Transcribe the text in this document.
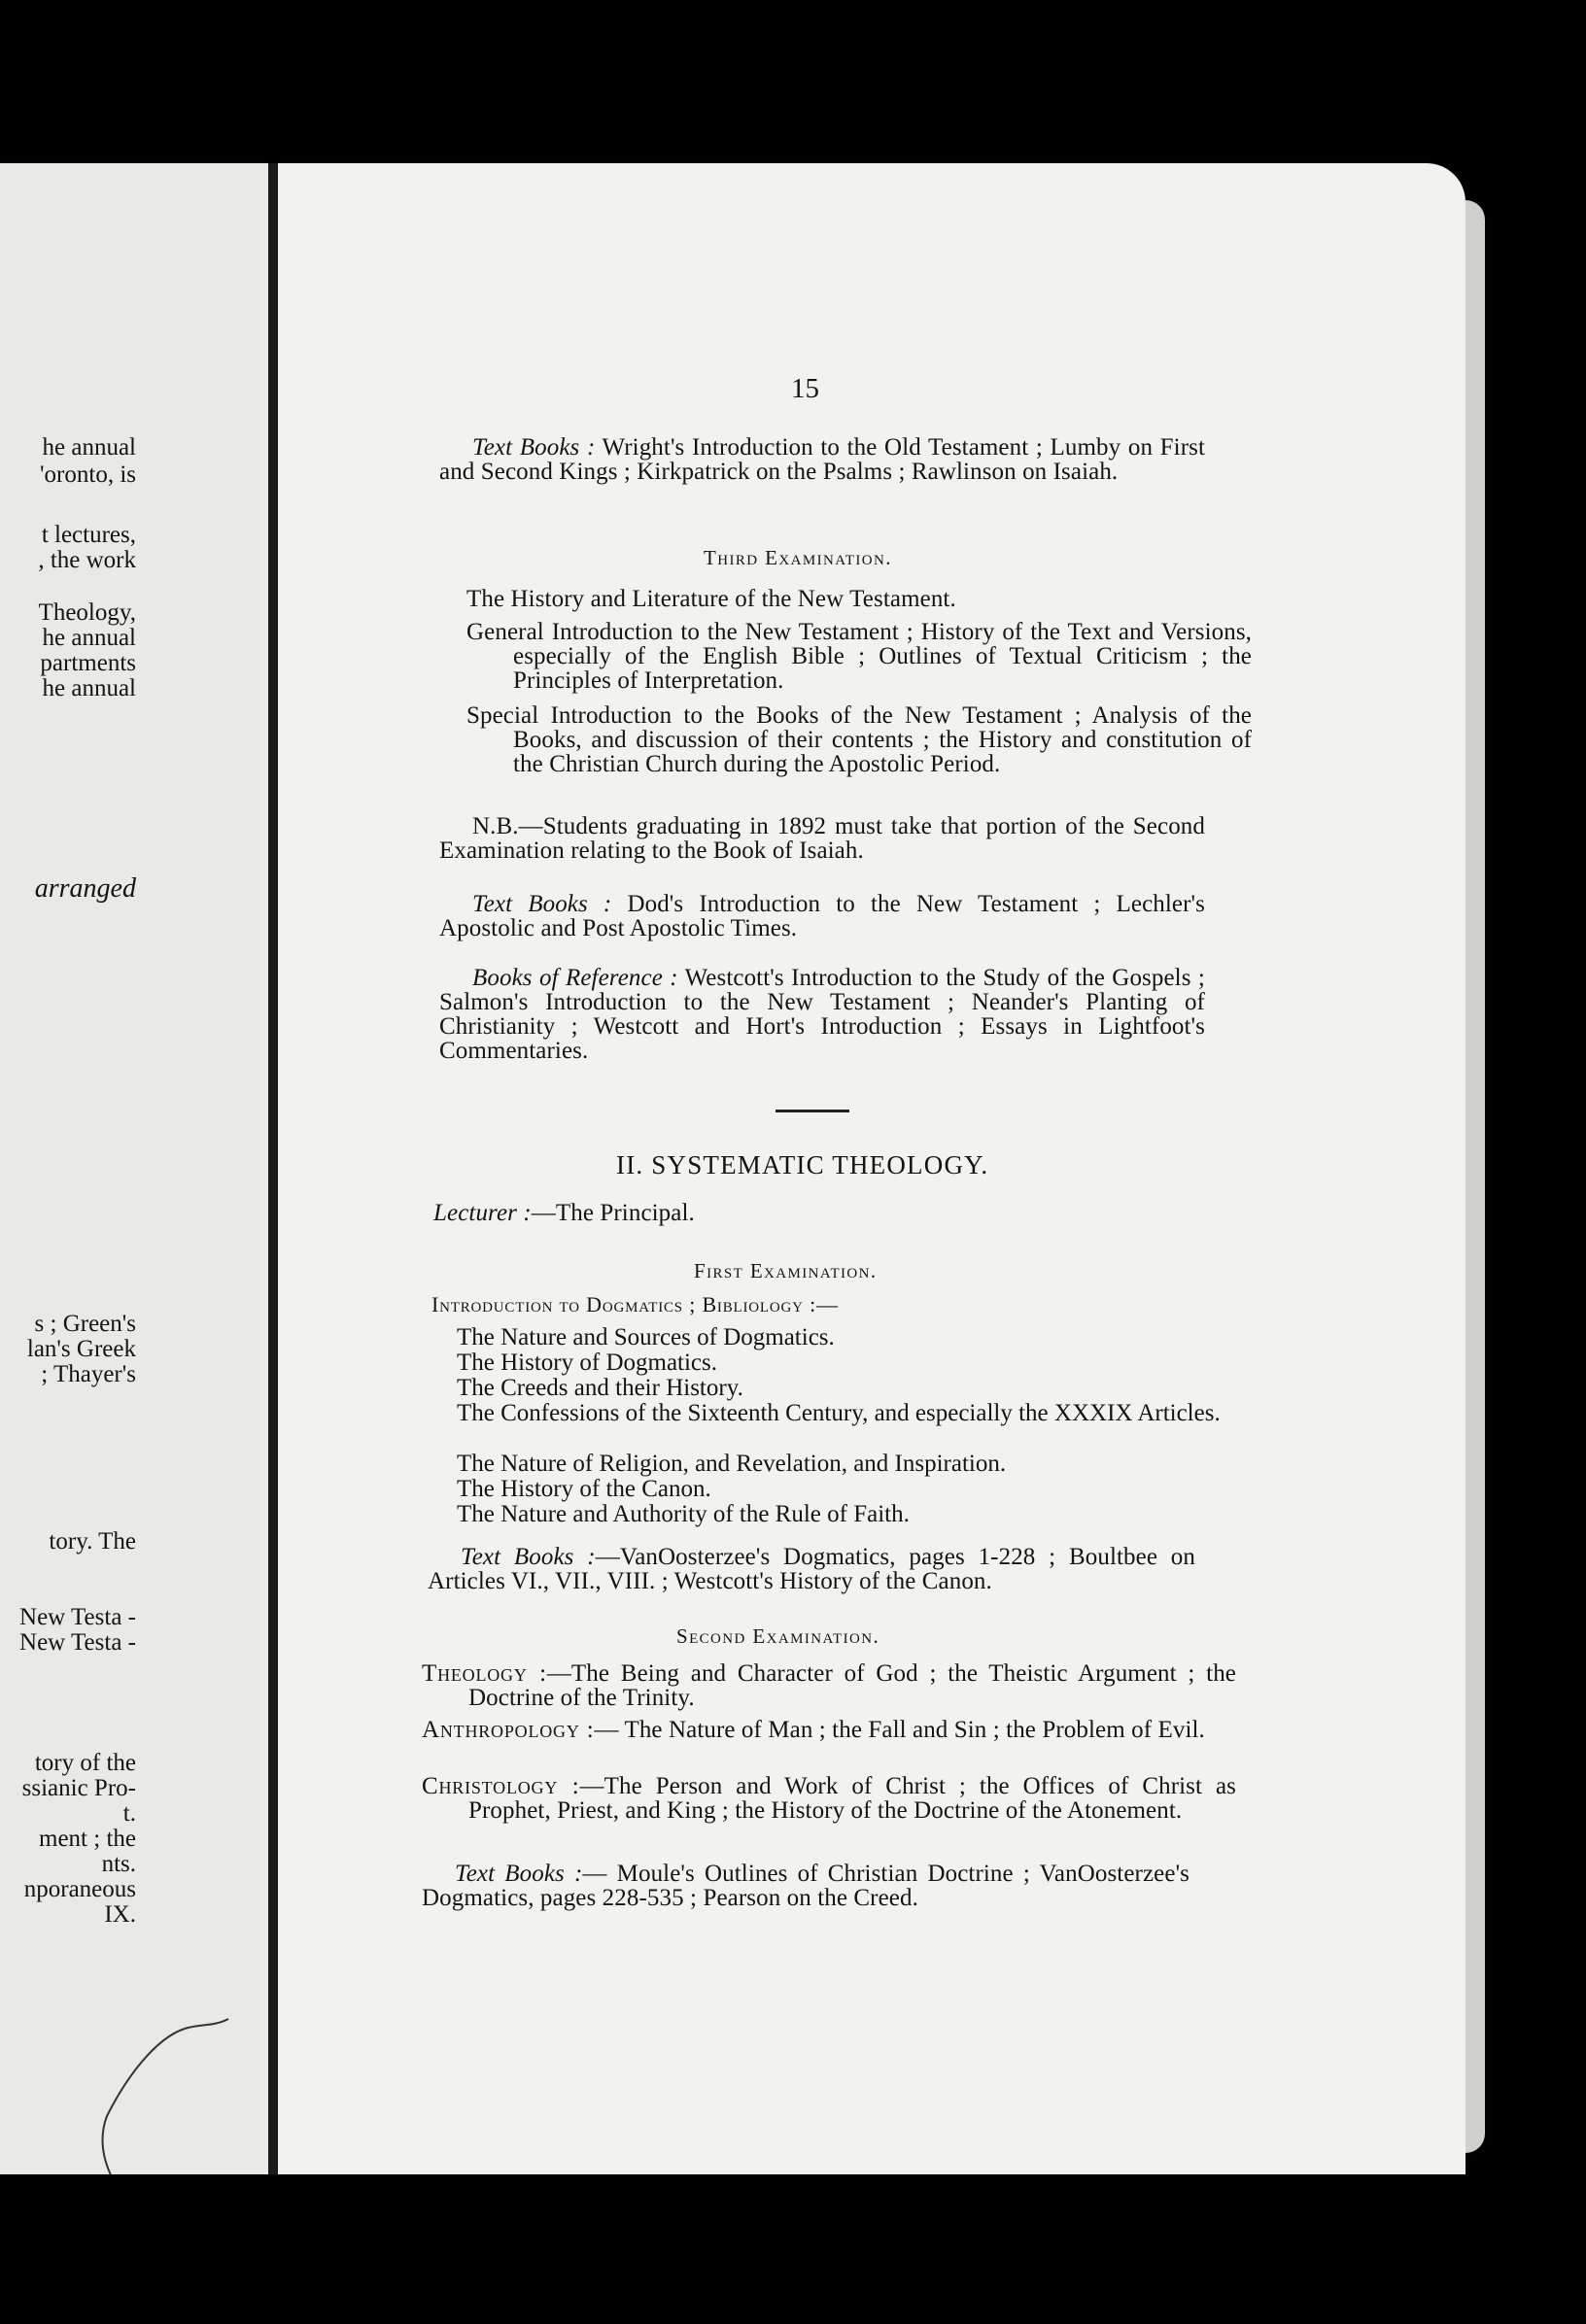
he annual
'oronto, is
t lectures,
, the work
Theology,
he annual
partments
he annual
arranged
s ; Green's
lan's Greek
; Thayer's
tory. The
New Testa -
New Testa -
tory of the
ssianic Pro-
t.
ment ; the
nts.
nporaneous
IX.
15
Text Books : Wright's Introduction to the Old Testament ; Lumby on First and Second Kings ; Kirkpatrick on the Psalms ; Rawlinson on Isaiah.
Third Examination.
The History and Literature of the New Testament.
General Introduction to the New Testament ; History of the Text and Versions, especially of the English Bible ; Outlines of Textual Criticism ; the Principles of Interpretation.
Special Introduction to the Books of the New Testament ; Analysis of the Books, and discussion of their contents ; the History and constitution of the Christian Church during the Apostolic Period.
N.B.—Students graduating in 1892 must take that portion of the Second Examination relating to the Book of Isaiah.
Text Books : Dod's Introduction to the New Testament ; Lechler's Apostolic and Post Apostolic Times.
Books of Reference : Westcott's Introduction to the Study of the Gospels ; Salmon's Introduction to the New Testament ; Neander's Planting of Christianity ; Westcott and Hort's Introduction ; Essays in Lightfoot's Commentaries.
II. SYSTEMATIC THEOLOGY.
Lecturer :—The Principal.
First Examination.
Introduction to Dogmatics ; Bibliology :—
The Nature and Sources of Dogmatics.
The History of Dogmatics.
The Creeds and their History.
The Confessions of the Sixteenth Century, and especially the XXXIX Articles.
The Nature of Religion, and Revelation, and Inspiration.
The History of the Canon.
The Nature and Authority of the Rule of Faith.
Text Books :—VanOosterzee's Dogmatics, pages 1-228 ; Boultbee on Articles VI., VII., VIII. ; Westcott's History of the Canon.
Second Examination.
Theology :—The Being and Character of God ; the Theistic Argument ; the Doctrine of the Trinity.
Anthropology :— The Nature of Man ; the Fall and Sin ; the Problem of Evil.
Christology :—The Person and Work of Christ ; the Offices of Christ as Prophet, Priest, and King ; the History of the Doctrine of the Atonement.
Text Books :— Moule's Outlines of Christian Doctrine ; VanOosterzee's Dogmatics, pages 228-535 ; Pearson on the Creed.
